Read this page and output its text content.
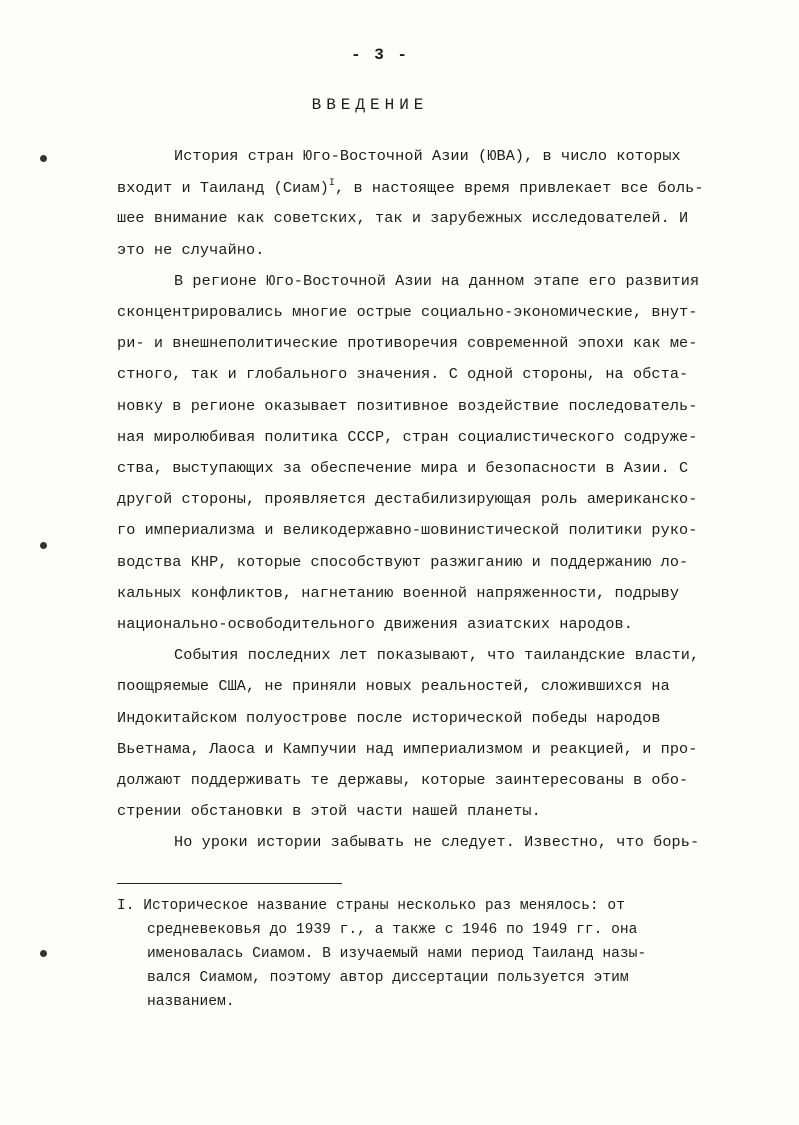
- 3 -
ВВЕДЕНИЕ
История стран Юго-Восточной Азии (ЮВА), в число которых
входит и Таиланд (Сиам)$^I$, в настоящее время привлекает все боль-
шее внимание как советских, так и зарубежных исследователей. И
это не случайно.
В регионе Юго-Восточной Азии на данном этапе его развития
сконцентрировались многие острые социально-экономические, внут-
ри- и внешнеполитические противоречия современной эпохи как ме-
стного, так и глобального значения. С одной стороны, на обста-
новку в регионе оказывает позитивное воздействие последователь-
ная миролюбивая политика СССР, стран социалистического содруже-
ства, выступающих за обеспечение мира и безопасности в Азии. С
другой стороны, проявляется дестабилизирующая роль американско-
го империализма и великодержавно-шовинистической политики руко-
водства КНР, которые способствуют разжиганию и поддержанию ло-
кальных конфликтов, нагнетанию военной напряженности, подрыву
национально-освободительного движения азиатских народов.
События последних лет показывают, что таиландские власти,
поощряемые США, не приняли новых реальностей, сложившихся на
Индокитайском полуострове после исторической победы народов
Вьетнама, Лаоса и Кампучии над империализмом и реакцией, и про-
должают поддерживать те державы, которые заинтересованы в обо-
стрении обстановки в этой части нашей планеты.
Но уроки истории забывать не следует. Известно, что борь-
I. Историческое название страны несколько раз менялось: от
средневековья до 1939 г., а также с 1946 по 1949 гг. она
именовалась Сиамом. В изучаемый нами период Таиланд назы-
вался Сиамом, поэтому автор диссертации пользуется этим
названием.
